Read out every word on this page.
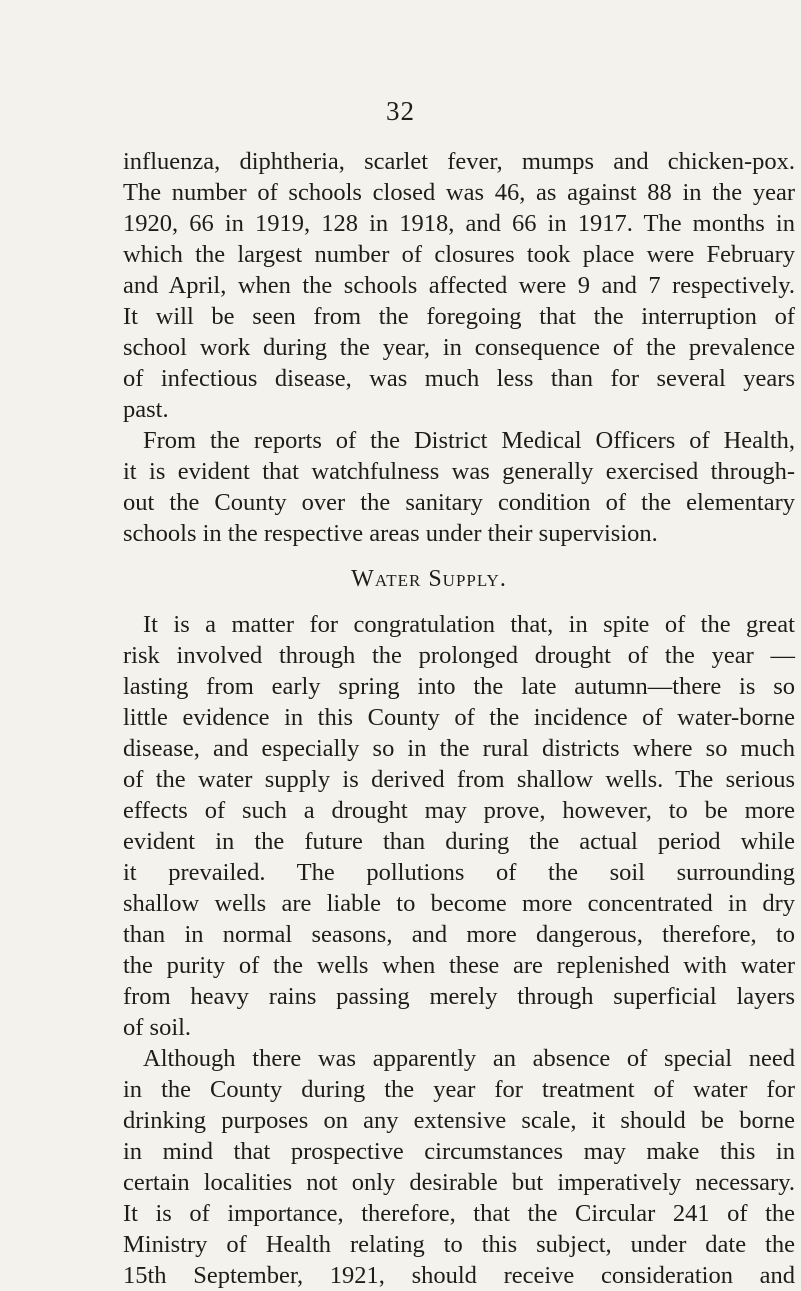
32
influenza, diphtheria, scarlet fever, mumps and chicken-pox.
The number of schools closed was 46, as against 88 in the year
1920, 66 in 1919, 128 in 1918, and 66 in 1917. The months in
which the largest number of closures took place were February
and April, when the schools affected were 9 and 7 respectively.
It will be seen from the foregoing that the interruption of
school work during the year, in consequence of the prevalence
of infectious disease, was much less than for several years
past.
From the reports of the District Medical Officers of Health,
it is evident that watchfulness was generally exercised through-
out the County over the sanitary condition of the elementary
schools in the respective areas under their supervision.
Water Supply.
It is a matter for congratulation that, in spite of the great
risk involved through the prolonged drought of the year —
lasting from early spring into the late autumn—there is so
little evidence in this County of the incidence of water-borne
disease, and especially so in the rural districts where so much
of the water supply is derived from shallow wells. The serious
effects of such a drought may prove, however, to be more
evident in the future than during the actual period while
it prevailed. The pollutions of the soil surrounding
shallow wells are liable to become more concentrated in dry
than in normal seasons, and more dangerous, therefore, to
the purity of the wells when these are replenished with water
from heavy rains passing merely through superficial layers
of soil.
Although there was apparently an absence of special need
in the County during the year for treatment of water for
drinking purposes on any extensive scale, it should be borne
in mind that prospective circumstances may make this in
certain localities not only desirable but imperatively necessary.
It is of importance, therefore, that the Circular 241 of the
Ministry of Health relating to this subject, under date the
15th September, 1921, should receive consideration and
